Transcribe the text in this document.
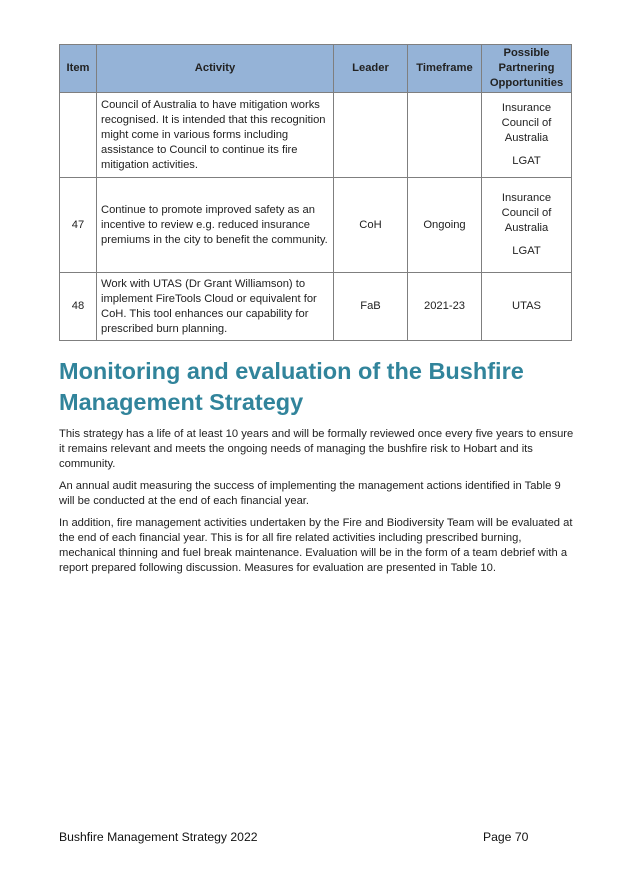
Item	Activity	Leader	Timeframe	Possible
Partnering
Opportunities

	Council of Australia to have mitigation works recognised. It is intended that this recognition might come in various forms including assistance to Council to continue its fire mitigation activities.			Insurance
Council of
Australia
LGAT

47	Continue to promote improved safety as an incentive to review e.g. reduced insurance premiums in the city to benefit the community.	CoH	Ongoing	Insurance
Council of
Australia
LGAT

48	Work with UTAS (Dr Grant Williamson) to implement FireTools Cloud or equivalent for CoH. This tool enhances our capability for prescribed burn planning.	FaB	2021-23	UTAS
Monitoring and evaluation of the Bushfire Management Strategy

This strategy has a life of at least 10 years and will be formally reviewed once every five years to ensure it remains relevant and meets the ongoing needs of managing the bushfire risk to Hobart and its community.

An annual audit measuring the success of implementing the management actions identified in Table 9 will be conducted at the end of each financial year.

In addition, fire management activities undertaken by the Fire and Biodiversity Team will be evaluated at the end of each financial year. This is for all fire related activities including prescribed burning, mechanical thinning and fuel break maintenance. Evaluation will be in the form of a team debrief with a report prepared following discussion. Measures for evaluation are presented in Table 10.

Bushfire Management Strategy 2022	Page 70
